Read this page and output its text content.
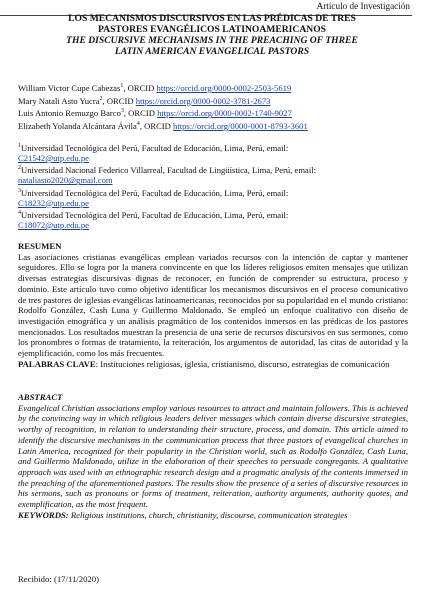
Artículo de Investigación
LOS MECANISMOS DISCURSIVOS EN LAS PRÉDICAS DE TRES
PASTORES EVANGÉLICOS LATINOAMERICANOS
THE DISCURSIVE MECHANISMS IN THE PREACHING OF THREE
LATIN AMERICAN EVANGELICAL PASTORS
William Victor Cupe Cabezas$^1$, ORCID https://orcid.org/0000-0002-2503-5619
Mary Natali Asto Yucra$^2$, ORCID https://orcid.org/0000-0002-3781-2673
Luis Antonio Remuzgo Barco$^3$, ORCID https://orcid.org/0000-0002-1740-9027
Elizabeth Yolanda Alcántara Ávila$^4$, ORCID https://orcid.org/0000-0001-8793-3601
$^1$Universidad Tecnológica del Perú, Facultad de Educación, Lima, Perú, email:
C21542@utp.edu.pe
$^2$Universidad Nacional Federico Villarreal, Facultad de Lingüística, Lima, Perú, email:
nataliasto2020@gmail.com
$^3$Universidad Tecnológica del Perú, Facultad de Educación, Lima, Perú, email:
C18232@utp.edu.pe
$^4$Universidad Tecnológica del Perú, Facultad de Educación, Lima, Perú, email:
C18072@utp.edu.pe
RESUMEN
Las asociaciones cristianas evangélicas emplean variados recursos con la intención de captar y mantener seguidores. Ello se logra por la manera convincente en que los líderes religiosos emiten mensajes que utilizan diversas estrategias discursivas dignas de reconocer, en función de comprender su estructura, proceso y dominio. Este artículo tuvo como objetivo identificar los mecanismos discursivos en el proceso comunicativo de tres pastores de iglesias evangélicas latinoamericanas, reconocidos por su popularidad en el mundo cristiano: Rodolfo González, Cash Luna y Guillermo Maldonado. Se empleó un enfoque cualitativo con diseño de investigación etnográfica y un análisis pragmático de los contenidos inmersos en las prédicas de los pastores mencionados. Los resultados muestran la presencia de una serie de recursos discursivos en sus sermones, como los pronombres o formas de tratamiento, la reiteración, los argumentos de autoridad, las citas de autoridad y la ejemplificación, como los más frecuentes.
PALABRAS CLAVE: Instituciones religiosas, iglesia, cristianismo, discurso, estrategias de comunicación
ABSTRACT
Evangelical Christian associations employ various resources to attract and maintain followers. This is achieved by the convincing way in which religious leaders deliver messages which contain diverse discursive strategies, worthy of recognition, in relation to understanding their structure, process, and domain. This article aimed to identify the discursive mechanisms in the communication process that three pastors of evangelical churches in Latin America, recognized for their popularity in the Christian world, such as Rodolfo González, Cash Luna, and Guillermo Maldonado, utilize in the elaboration of their speeches to persuade congregants. A qualitative approach was used with an ethnographic research design and a pragmatic analysis of the contents immersed in the preaching of the aforementioned pastors. The results show the presence of a series of discursive resources in his sermons, such as pronouns or forms of treatment, reiteration, authority arguments, authority quotes, and exemplification, as the most frequent.
KEYWORDS: Religious institutions, church, christianity, discourse, communication strategies
Recibido: (17/11/2020)
